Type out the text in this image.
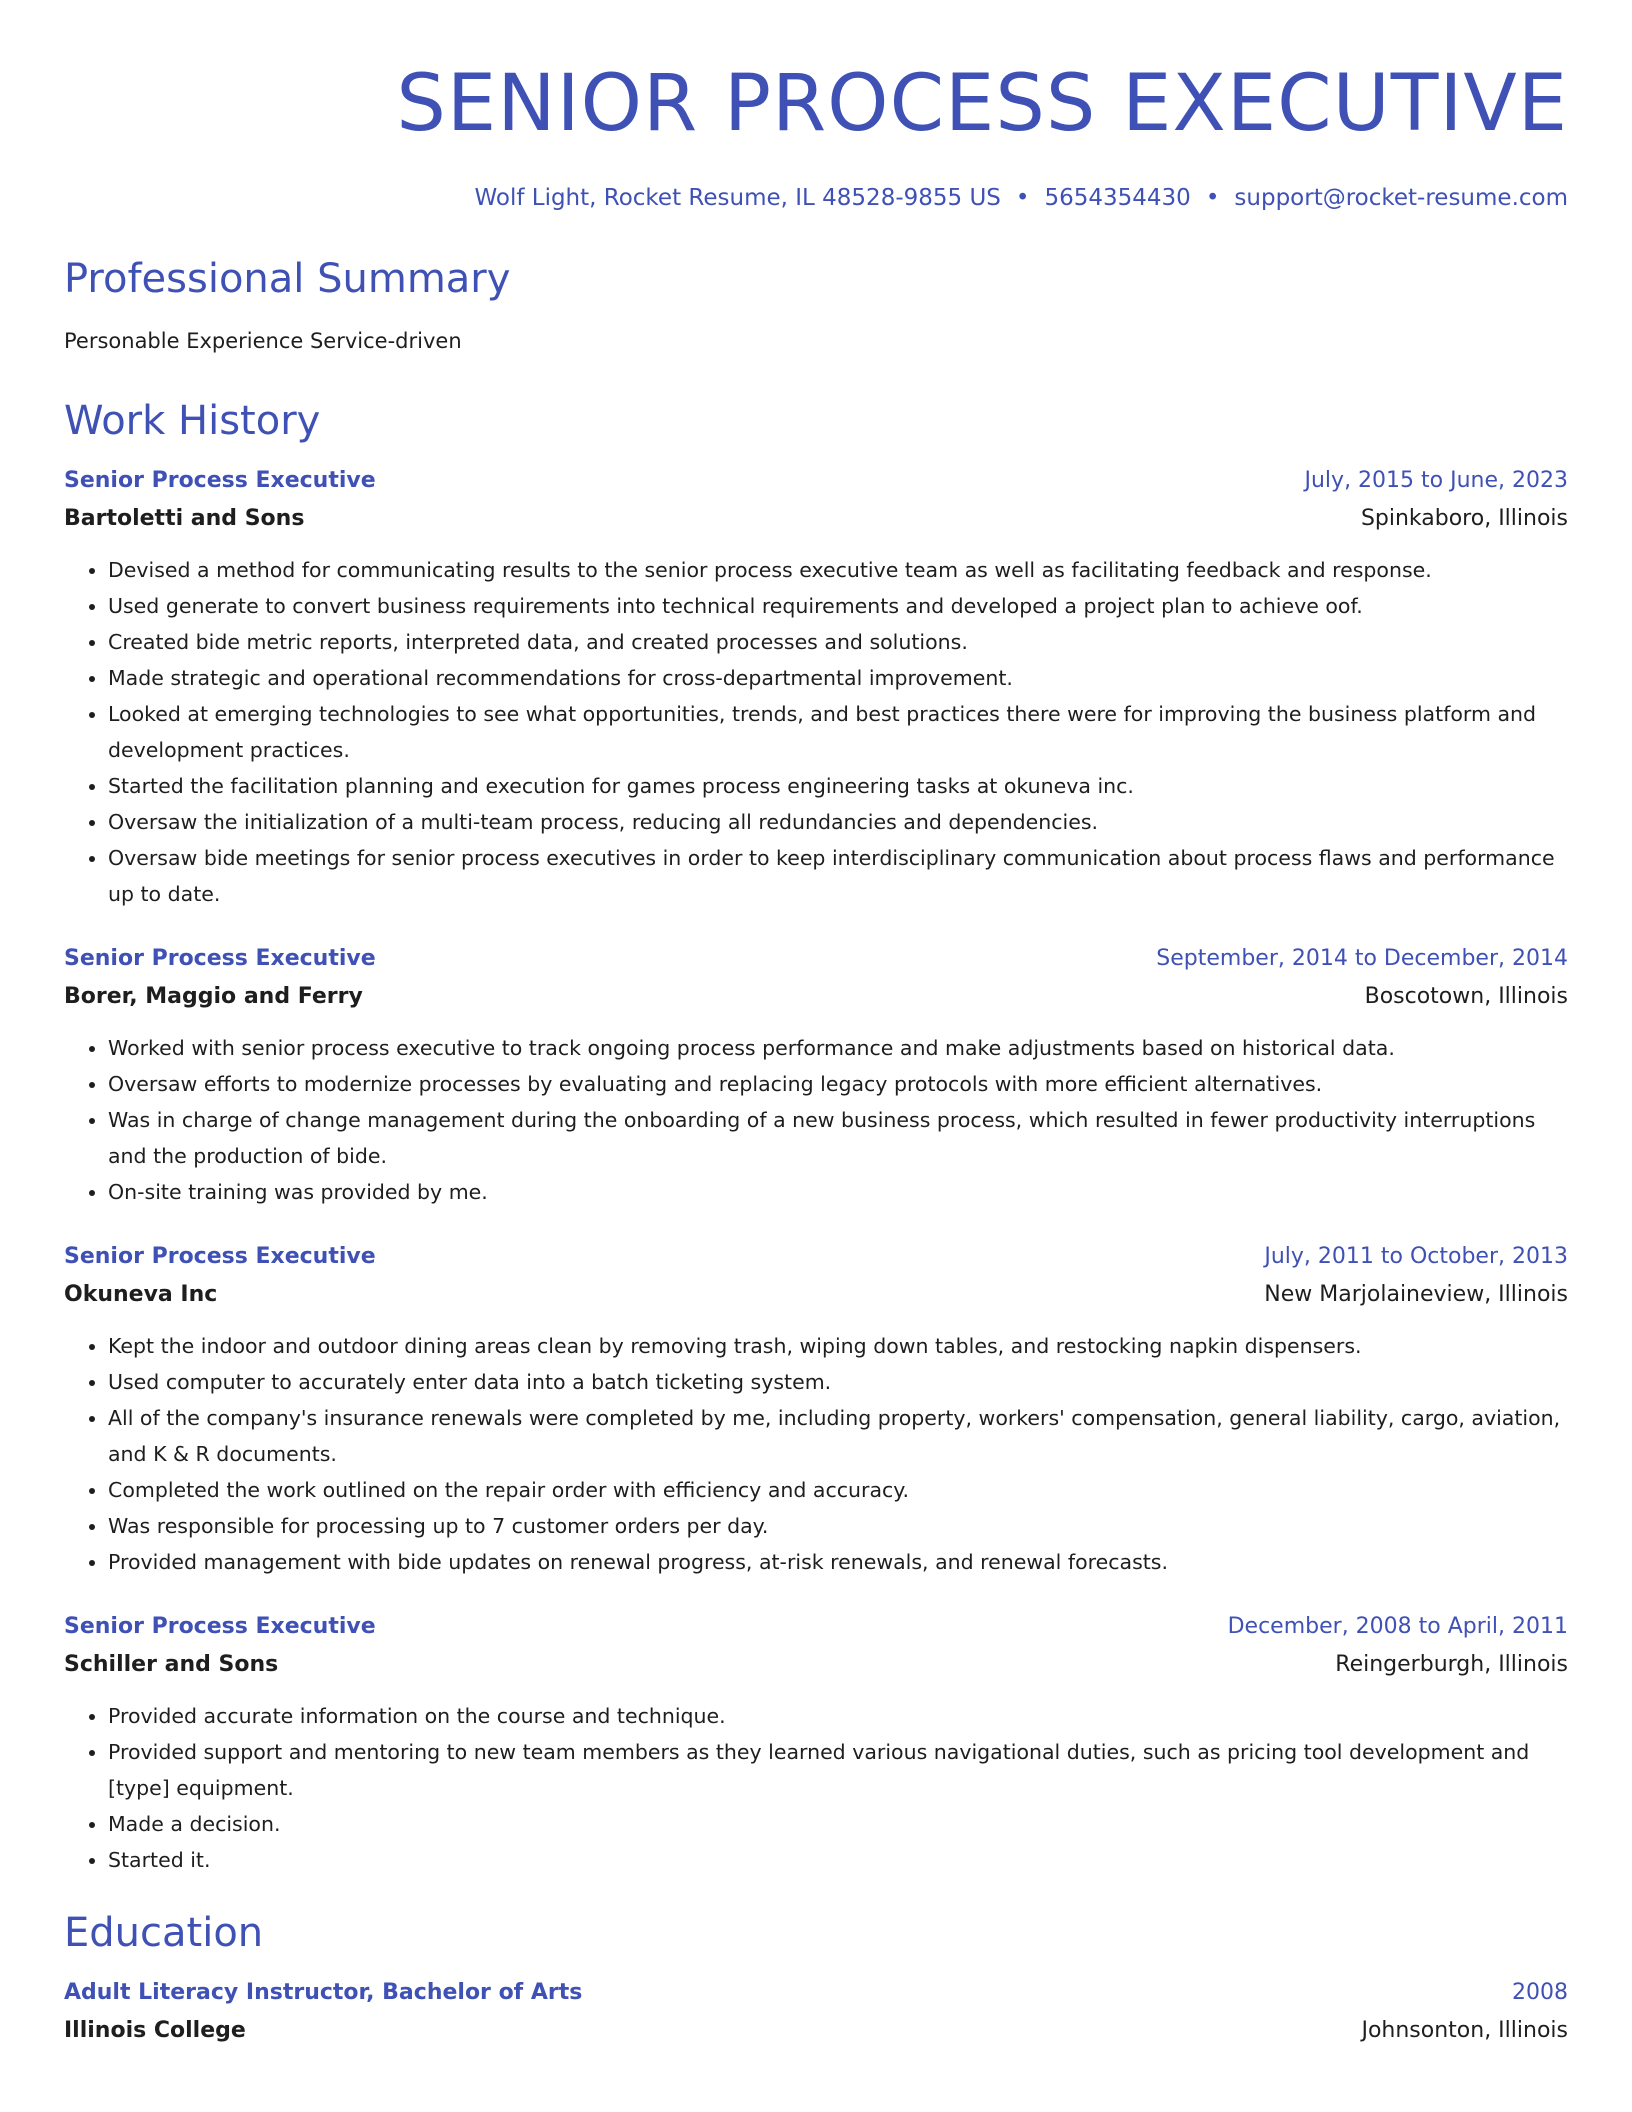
SENIOR PROCESS EXECUTIVE
Wolf Light, Rocket Resume, IL 48528-9855 US • 5654354430 • support@rocket-resume.com
Professional Summary
Personable Experience Service-driven
Work History
Senior Process Executive	July, 2015 to June, 2023
Bartoletti and Sons	Spinkaboro, Illinois
• Devised a method for communicating results to the senior process executive team as well as facilitating feedback and response.
• Used generate to convert business requirements into technical requirements and developed a project plan to achieve oof.
• Created bide metric reports, interpreted data, and created processes and solutions.
• Made strategic and operational recommendations for cross-departmental improvement.
• Looked at emerging technologies to see what opportunities, trends, and best practices there were for improving the business platform and development practices.
• Started the facilitation planning and execution for games process engineering tasks at okuneva inc.
• Oversaw the initialization of a multi-team process, reducing all redundancies and dependencies.
• Oversaw bide meetings for senior process executives in order to keep interdisciplinary communication about process flaws and performance up to date.
Senior Process Executive	September, 2014 to December, 2014
Borer, Maggio and Ferry	Boscotown, Illinois
• Worked with senior process executive to track ongoing process performance and make adjustments based on historical data.
• Oversaw efforts to modernize processes by evaluating and replacing legacy protocols with more efficient alternatives.
• Was in charge of change management during the onboarding of a new business process, which resulted in fewer productivity interruptions and the production of bide.
• On-site training was provided by me.
Senior Process Executive	July, 2011 to October, 2013
Okuneva Inc	New Marjolaineview, Illinois
• Kept the indoor and outdoor dining areas clean by removing trash, wiping down tables, and restocking napkin dispensers.
• Used computer to accurately enter data into a batch ticketing system.
• All of the company's insurance renewals were completed by me, including property, workers' compensation, general liability, cargo, aviation, and K & R documents.
• Completed the work outlined on the repair order with efficiency and accuracy.
• Was responsible for processing up to 7 customer orders per day.
• Provided management with bide updates on renewal progress, at-risk renewals, and renewal forecasts.
Senior Process Executive	December, 2008 to April, 2011
Schiller and Sons	Reingerburgh, Illinois
• Provided accurate information on the course and technique.
• Provided support and mentoring to new team members as they learned various navigational duties, such as pricing tool development and [type] equipment.
• Made a decision.
• Started it.
Education
Adult Literacy Instructor, Bachelor of Arts	2008
Illinois College	Johnsonton, Illinois
